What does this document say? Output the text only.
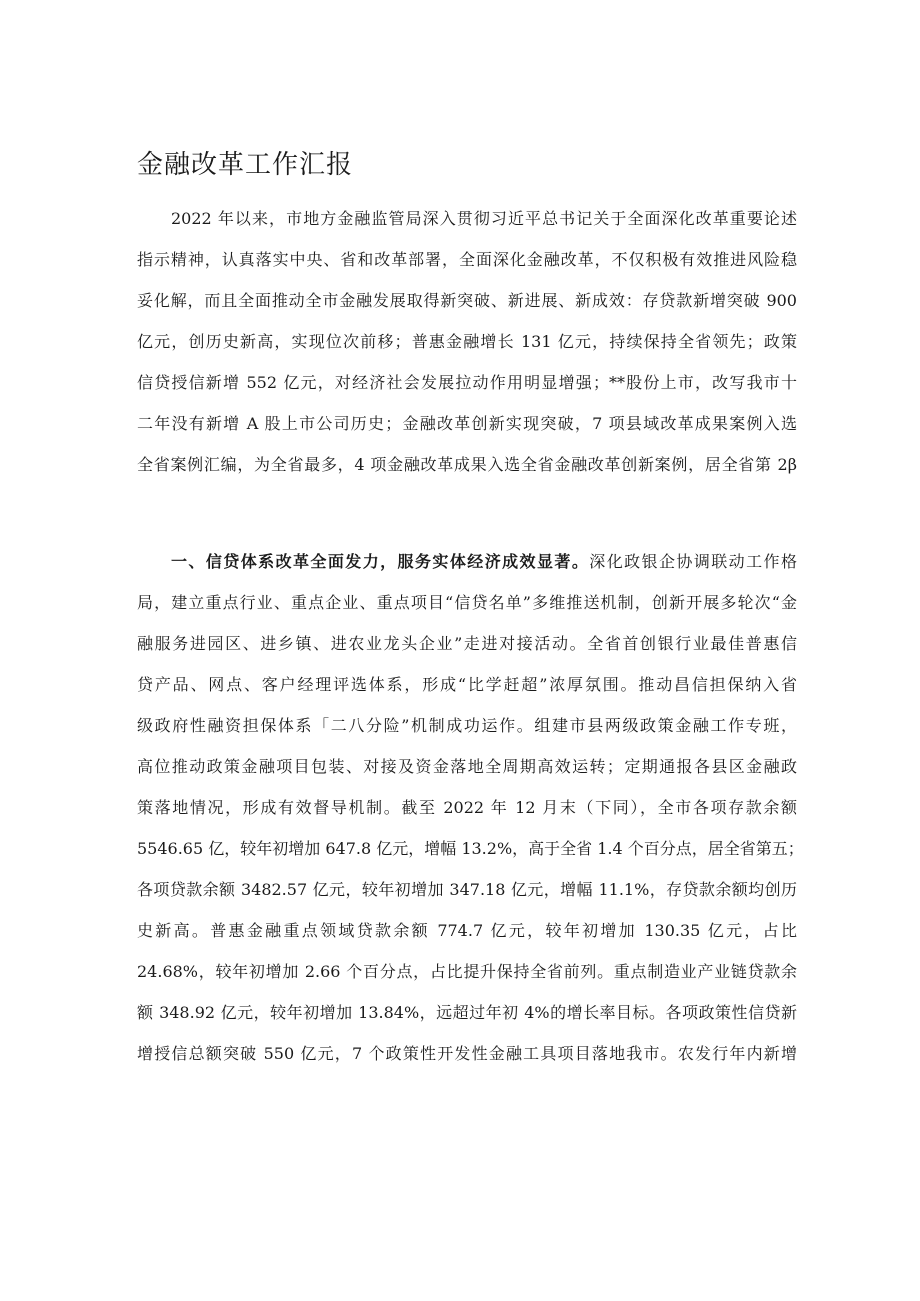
金融改革工作汇报
2022 年以来，市地方金融监管局深入贯彻习近平总书记关于全面深化改革重要论述
指示精神，认真落实中央、省和改革部署，全面深化金融改革，不仅积极有效推进风险稳
妥化解，而且全面推动全市金融发展取得新突破、新进展、新成效：存贷款新增突破 900
亿元，创历史新高，实现位次前移；普惠金融增长 131 亿元，持续保持全省领先；政策
信贷授信新增 552 亿元，对经济社会发展拉动作用明显增强；**股份上市，改写我市十
二年没有新增 A 股上市公司历史；金融改革创新实现突破，7 项县域改革成果案例入选
全省案例汇编，为全省最多，4 项金融改革成果入选全省金融改革创新案例，居全省第 2β
一、信贷体系改革全面发力，服务实体经济成效显著。深化政银企协调联动工作格
局，建立重点行业、重点企业、重点项目“信贷名单”多维推送机制，创新开展多轮次“金
融服务进园区、进乡镇、进农业龙头企业”走进对接活动。全省首创银行业最佳普惠信
贷产品、网点、客户经理评选体系，形成“比学赶超”浓厚氛围。推动昌信担保纳入省
级政府性融资担保体系「二八分险”机制成功运作。组建市县两级政策金融工作专班，
高位推动政策金融项目包装、对接及资金落地全周期高效运转；定期通报各县区金融政
策落地情况，形成有效督导机制。截至 2022 年 12 月末（下同），全市各项存款余额
5546.65 亿，较年初增加 647.8 亿元，增幅 13.2%，高于全省 1.4 个百分点，居全省第五；
各项贷款余额 3482.57 亿元，较年初增加 347.18 亿元，增幅 11.1%，存贷款余额均创历
史新高。普惠金融重点领域贷款余额 774.7 亿元，较年初增加 130.35 亿元，占比
24.68%，较年初增加 2.66 个百分点，占比提升保持全省前列。重点制造业产业链贷款余
额 348.92 亿元，较年初增加 13.84%，远超过年初 4%的增长率目标。各项政策性信贷新
增授信总额突破 550 亿元，7 个政策性开发性金融工具项目落地我市。农发行年内新增
